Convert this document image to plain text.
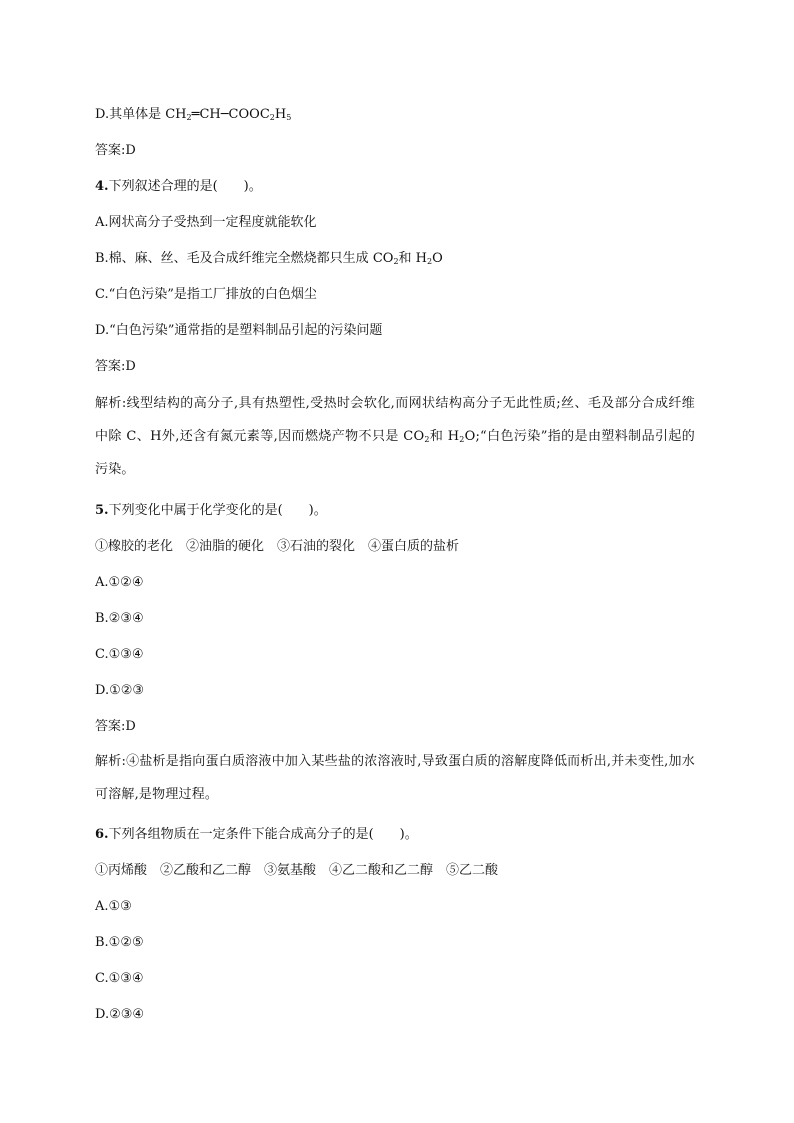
D.其单体是 $CH_2═CH─COOC_2H_5$
答案:D
4.下列叙述合理的是(　　)。
A.网状高分子受热到一定程度就能软化
B.棉、麻、丝、毛及合成纤维完全燃烧都只生成 $CO_2$和 $H_2O$
C.“白色污染”是指工厂排放的白色烟尘
D.“白色污染”通常指的是塑料制品引起的污染问题
答案:D
解析:线型结构的高分子,具有热塑性,受热时会软化,而网状结构高分子无此性质;丝、毛及部分合成纤维中除 C、H外,还含有氮元素等,因而燃烧产物不只是 $CO_2$和 $H_2O;“$白色污染”指的是由塑料制品引起的污染。
5.下列变化中属于化学变化的是(　　)。
①橡胶的老化　②油脂的硬化　③石油的裂化　④蛋白质的盐析
A.①②④
B.②③④
C.①③④
D.①②③
答案:D
解析:④盐析是指向蛋白质溶液中加入某些盐的浓溶液时,导致蛋白质的溶解度降低而析出,并未变性,加水可溶解,是物理过程。
6.下列各组物质在一定条件下能合成高分子的是(　　)。
①丙烯酸　②乙酸和乙二醇　③氨基酸　④乙二酸和乙二醇　⑤乙二酸
A.①③
B.①②⑤
C.①③④
D.②③④
